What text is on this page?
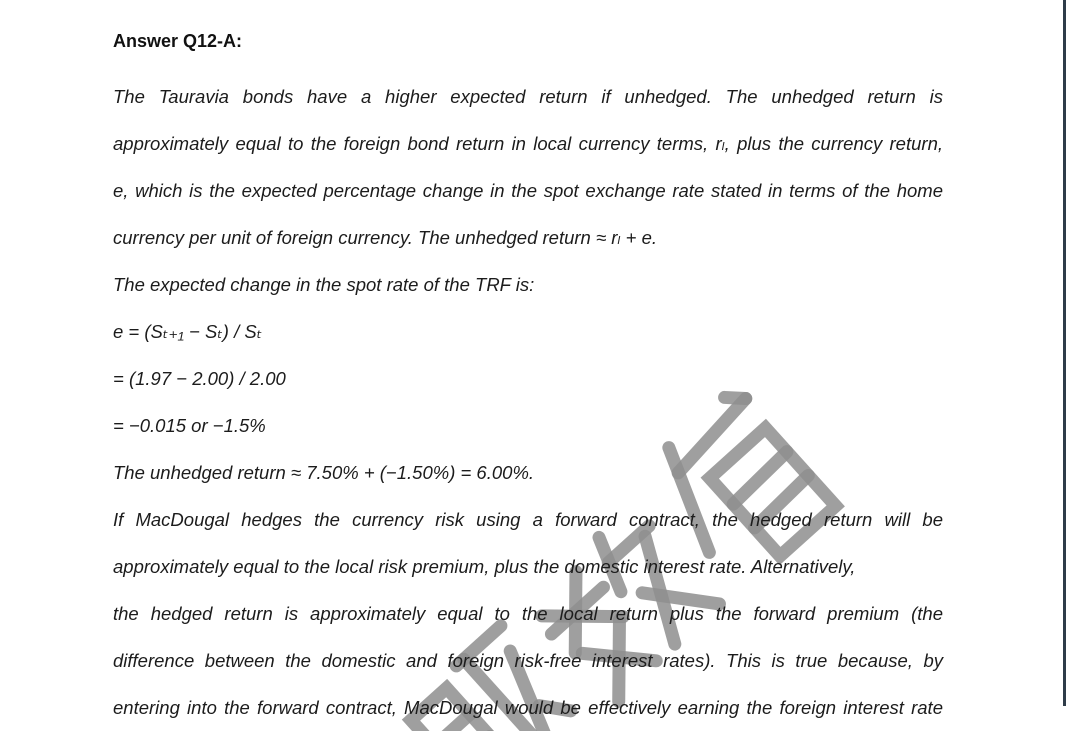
Answer Q12-A:
The Tauravia bonds have a higher expected return if unhedged. The unhedged return is
approximately equal to the foreign bond return in local currency terms, rₗ, plus the currency return,
e, which is the expected percentage change in the spot exchange rate stated in terms of the home
currency per unit of foreign currency. The unhedged return ≈ rₗ + e.
The expected change in the spot rate of the TRF is:
e = (Sₜ₊₁ − Sₜ) / Sₜ
= (1.97 − 2.00) / 2.00
= −0.015 or −1.5%
The unhedged return ≈ 7.50% + (−1.50%) = 6.00%.
If MacDougal hedges the currency risk using a forward contract, the hedged return will be
approximately equal to the local risk premium, plus the domestic interest rate. Alternatively,
the hedged return is approximately equal to the local return plus the forward premium (the
difference between the domestic and foreign risk-free interest rates). This is true because, by
entering into the forward contract, MacDougal would be effectively earning the foreign interest rate
